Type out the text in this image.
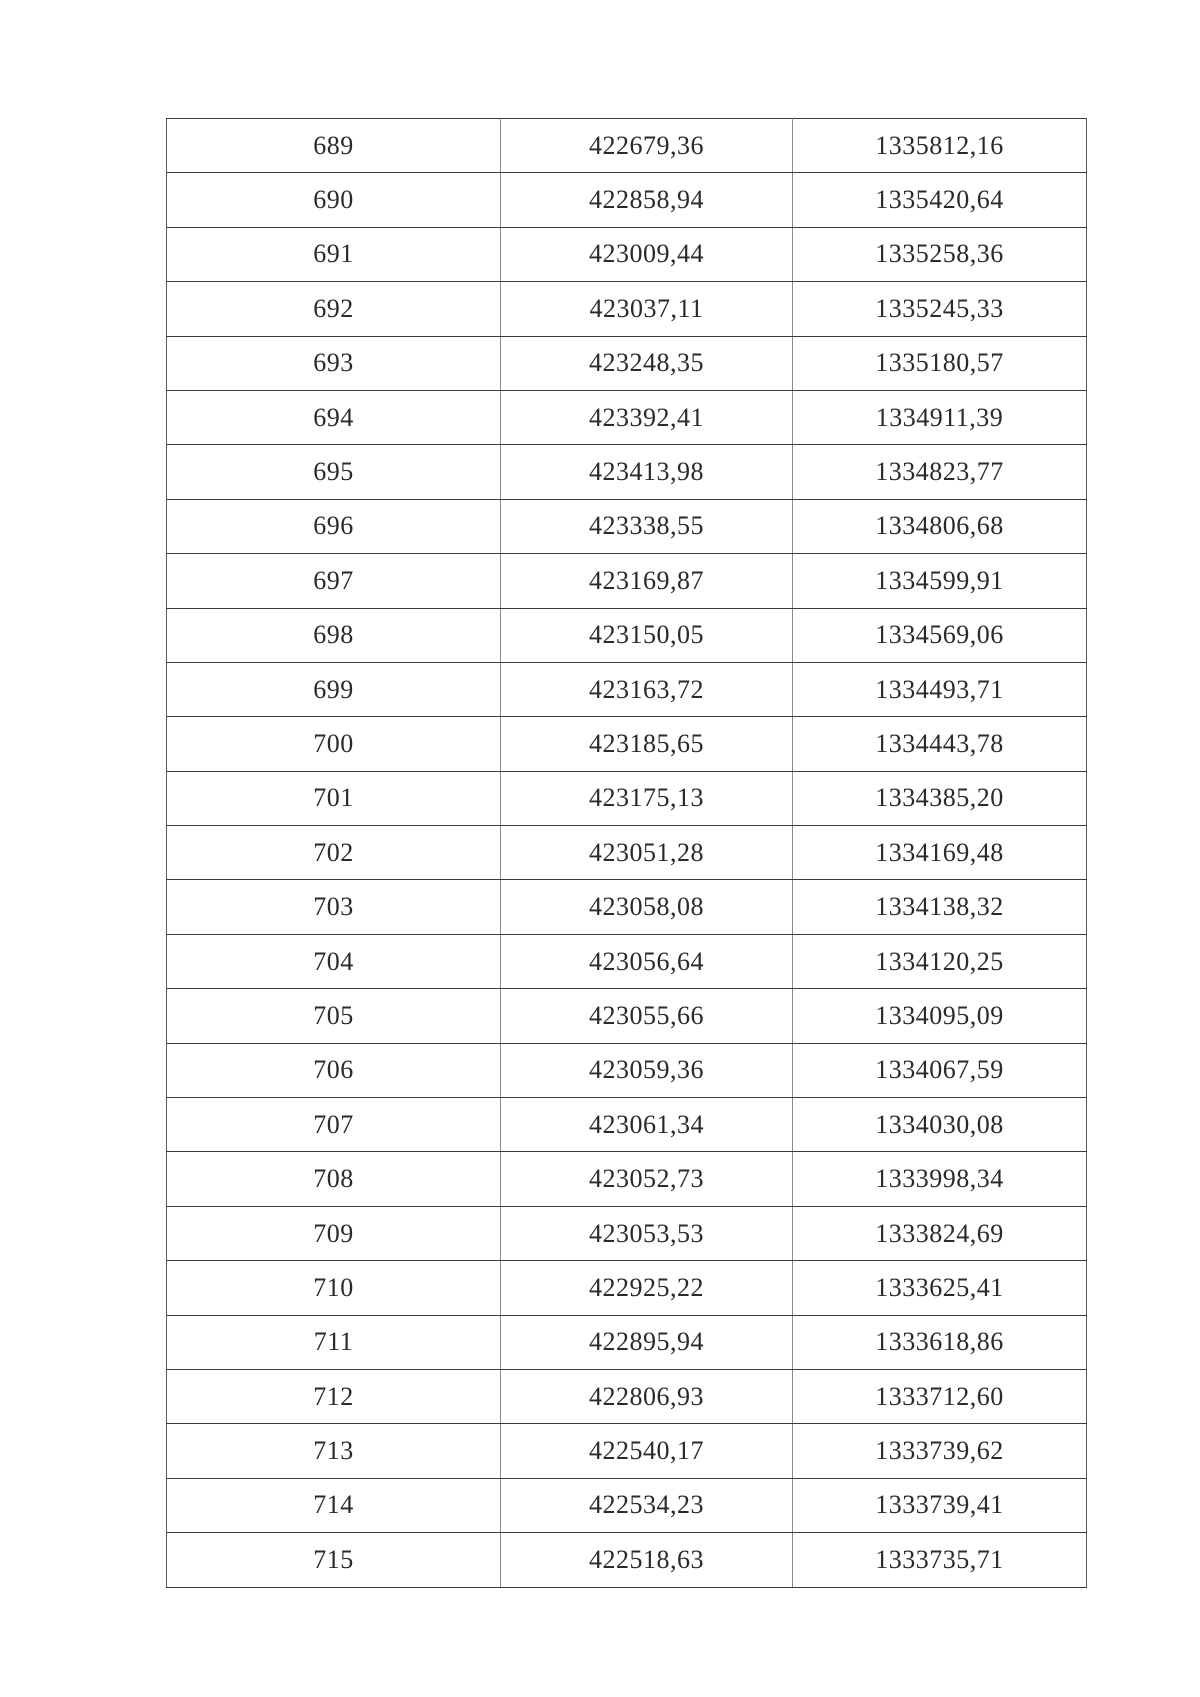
689	422679,36	1335812,16
690	422858,94	1335420,64
691	423009,44	1335258,36
692	423037,11	1335245,33
693	423248,35	1335180,57
694	423392,41	1334911,39
695	423413,98	1334823,77
696	423338,55	1334806,68
697	423169,87	1334599,91
698	423150,05	1334569,06
699	423163,72	1334493,71
700	423185,65	1334443,78
701	423175,13	1334385,20
702	423051,28	1334169,48
703	423058,08	1334138,32
704	423056,64	1334120,25
705	423055,66	1334095,09
706	423059,36	1334067,59
707	423061,34	1334030,08
708	423052,73	1333998,34
709	423053,53	1333824,69
710	422925,22	1333625,41
711	422895,94	1333618,86
712	422806,93	1333712,60
713	422540,17	1333739,62
714	422534,23	1333739,41
715	422518,63	1333735,71
